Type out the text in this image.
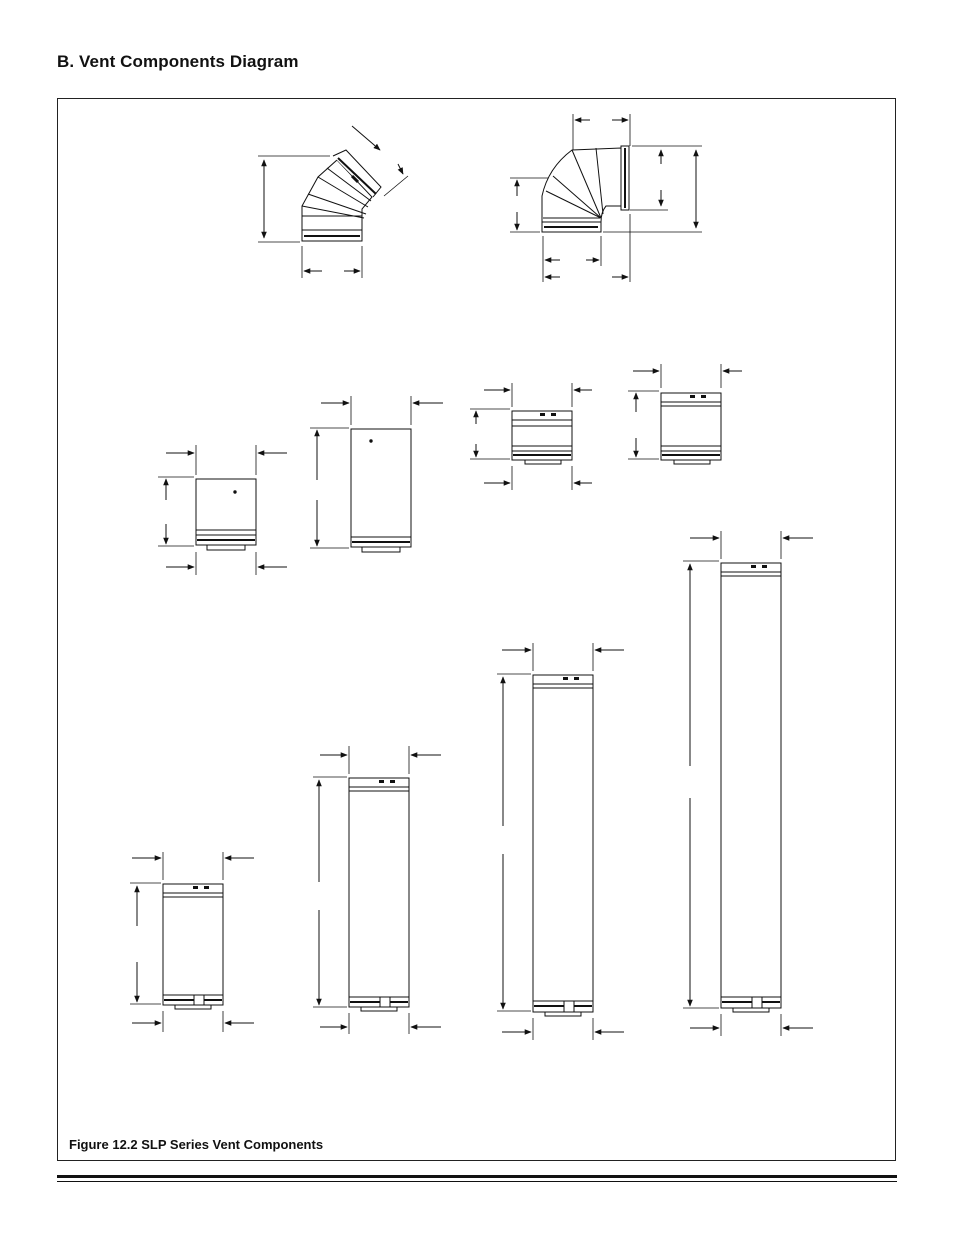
B. Vent Components Diagram
Figure 12.2 SLP Series Vent Components
